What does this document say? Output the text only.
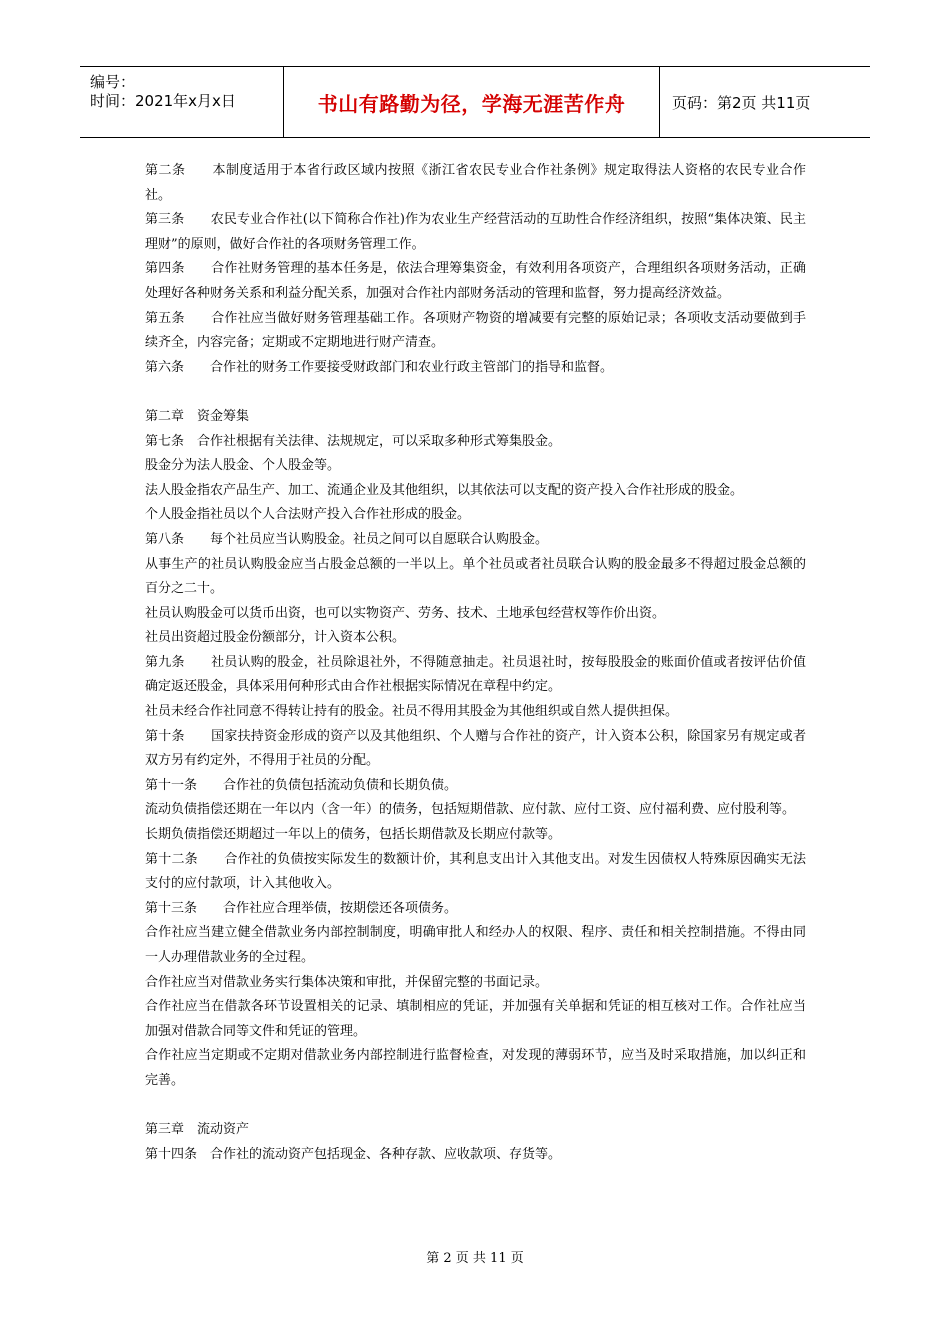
编号：
时间：2021年x月x日	书山有路勤为径，学海无涯苦作舟	页码：第2页 共11页

第二条　　本制度适用于本省行政区域内按照《浙江省农民专业合作社条例》规定取得法人资格的农民专业合作社。

第三条　　农民专业合作社(以下简称合作社)作为农业生产经营活动的互助性合作经济组织，按照“集体决策、民主理财”的原则，做好合作社的各项财务管理工作。

第四条　　合作社财务管理的基本任务是，依法合理筹集资金，有效利用各项资产，合理组织各项财务活动，正确处理好各种财务关系和利益分配关系，加强对合作社内部财务活动的管理和监督，努力提高经济效益。

第五条　　合作社应当做好财务管理基础工作。各项财产物资的增减要有完整的原始记录；各项收支活动要做到手续齐全，内容完备；定期或不定期地进行财产清查。

第六条　　合作社的财务工作要接受财政部门和农业行政主管部门的指导和监督。

第二章　资金筹集

第七条　合作社根据有关法律、法规规定，可以采取多种形式筹集股金。

股金分为法人股金、个人股金等。

法人股金指农产品生产、加工、流通企业及其他组织，以其依法可以支配的资产投入合作社形成的股金。

个人股金指社员以个人合法财产投入合作社形成的股金。

第八条　　每个社员应当认购股金。社员之间可以自愿联合认购股金。

从事生产的社员认购股金应当占股金总额的一半以上。单个社员或者社员联合认购的股金最多不得超过股金总额的百分之二十。

社员认购股金可以货币出资，也可以实物资产、劳务、技术、土地承包经营权等作价出资。

社员出资超过股金份额部分，计入资本公积。

第九条　　社员认购的股金，社员除退社外，不得随意抽走。社员退社时，按每股股金的账面价值或者按评估价值确定返还股金，具体采用何种形式由合作社根据实际情况在章程中约定。

社员未经合作社同意不得转让持有的股金。社员不得用其股金为其他组织或自然人提供担保。

第十条　　国家扶持资金形成的资产以及其他组织、个人赠与合作社的资产，计入资本公积，除国家另有规定或者双方另有约定外，不得用于社员的分配。

第十一条　　合作社的负债包括流动负债和长期负债。

流动负债指偿还期在一年以内（含一年）的债务，包括短期借款、应付款、应付工资、应付福利费、应付股利等。

长期负债指偿还期超过一年以上的债务，包括长期借款及长期应付款等。

第十二条　　合作社的负债按实际发生的数额计价，其利息支出计入其他支出。对发生因债权人特殊原因确实无法支付的应付款项，计入其他收入。

第十三条　　合作社应合理举债，按期偿还各项债务。

合作社应当建立健全借款业务内部控制制度，明确审批人和经办人的权限、程序、责任和相关控制措施。不得由同一人办理借款业务的全过程。

合作社应当对借款业务实行集体决策和审批，并保留完整的书面记录。

合作社应当在借款各环节设置相关的记录、填制相应的凭证，并加强有关单据和凭证的相互核对工作。合作社应当加强对借款合同等文件和凭证的管理。

合作社应当定期或不定期对借款业务内部控制进行监督检查，对发现的薄弱环节，应当及时采取措施，加以纠正和完善。

第三章　流动资产

第十四条　合作社的流动资产包括现金、各种存款、应收款项、存货等。

第 2 页 共 11 页
